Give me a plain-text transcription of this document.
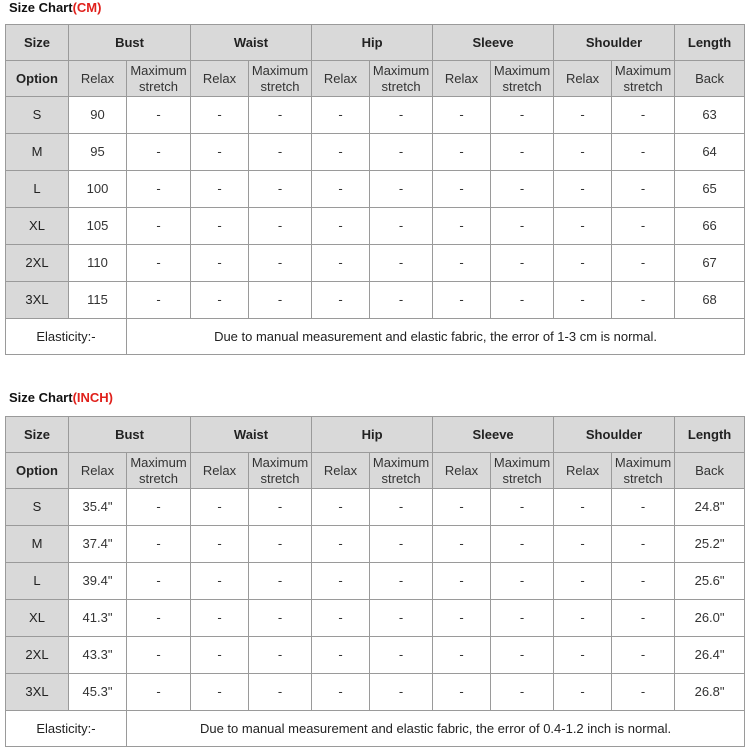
Size Chart(CM)
Size	Bust		Waist		Hip		Sleeve		Shoulder		Length
Option	Relax	Maximum stretch	Relax	Maximum stretch	Relax	Maximum stretch	Relax	Maximum stretch	Relax	Maximum stretch	Back
S	90	-	-	-	-	-	-	-	-	-	63
M	95	-	-	-	-	-	-	-	-	-	64
L	100	-	-	-	-	-	-	-	-	-	65
XL	105	-	-	-	-	-	-	-	-	-	66
2XL	110	-	-	-	-	-	-	-	-	-	67
3XL	115	-	-	-	-	-	-	-	-	-	68
Elasticity:-		Due to manual measurement and elastic fabric, the error of 1-3 cm is normal.									
Size Chart(INCH)
Size	Bust		Waist		Hip		Sleeve		Shoulder		Length
Option	Relax	Maximum stretch	Relax	Maximum stretch	Relax	Maximum stretch	Relax	Maximum stretch	Relax	Maximum stretch	Back
S	35.4"	-	-	-	-	-	-	-	-	-	24.8"
M	37.4"	-	-	-	-	-	-	-	-	-	25.2"
L	39.4"	-	-	-	-	-	-	-	-	-	25.6"
XL	41.3"	-	-	-	-	-	-	-	-	-	26.0"
2XL	43.3"	-	-	-	-	-	-	-	-	-	26.4"
3XL	45.3"	-	-	-	-	-	-	-	-	-	26.8"
Elasticity:-		Due to manual measurement and elastic fabric, the error of 0.4-1.2 inch is normal.									
